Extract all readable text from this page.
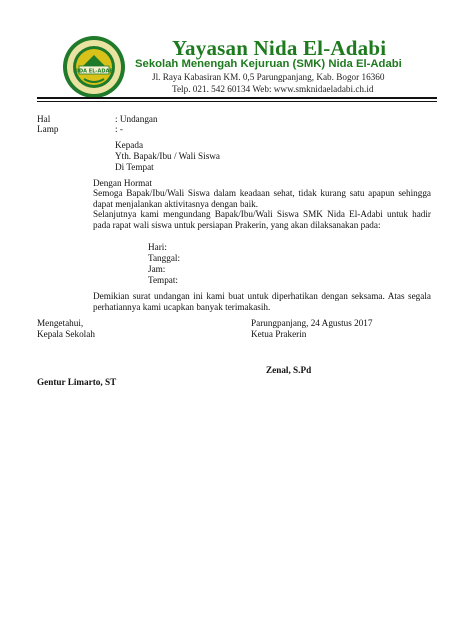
NIDA EL-ADABI
Yayasan Nida El-Adabi
Sekolah Menengah Kejuruan (SMK) Nida El-Adabi
Jl. Raya Kabasiran KM. 0,5 Parungpanjang, Kab. Bogor 16360
Telp. 021. 542 60134 Web: www.smknidaeladabi.ch.id
Hal	: Undangan
Lamp	: -
Kepada
Yth. Bapak/Ibu / Wali Siswa
Di Tempat
Dengan Hormat
Semoga Bapak/Ibu/Wali Siswa dalam keadaan sehat, tidak kurang satu apapun sehingga dapat menjalankan aktivitasnya dengan baik.
Selanjutnya kami mengundang Bapak/Ibu/Wali Siswa SMK Nida El-Adabi untuk hadir pada rapat wali siswa untuk persiapan Prakerin, yang akan dilaksanakan pada:
Hari:
Tanggal:
Jam:
Tempat:
Demikian surat undangan ini kami buat untuk diperhatikan dengan seksama. Atas segala perhatiannya kami ucapkan banyak terimakasih.
Mengetahui,
Kepala Sekolah
Parungpanjang, 24 Agustus 2017
Ketua Prakerin
Zenal, S.Pd
Gentur Limarto, ST
